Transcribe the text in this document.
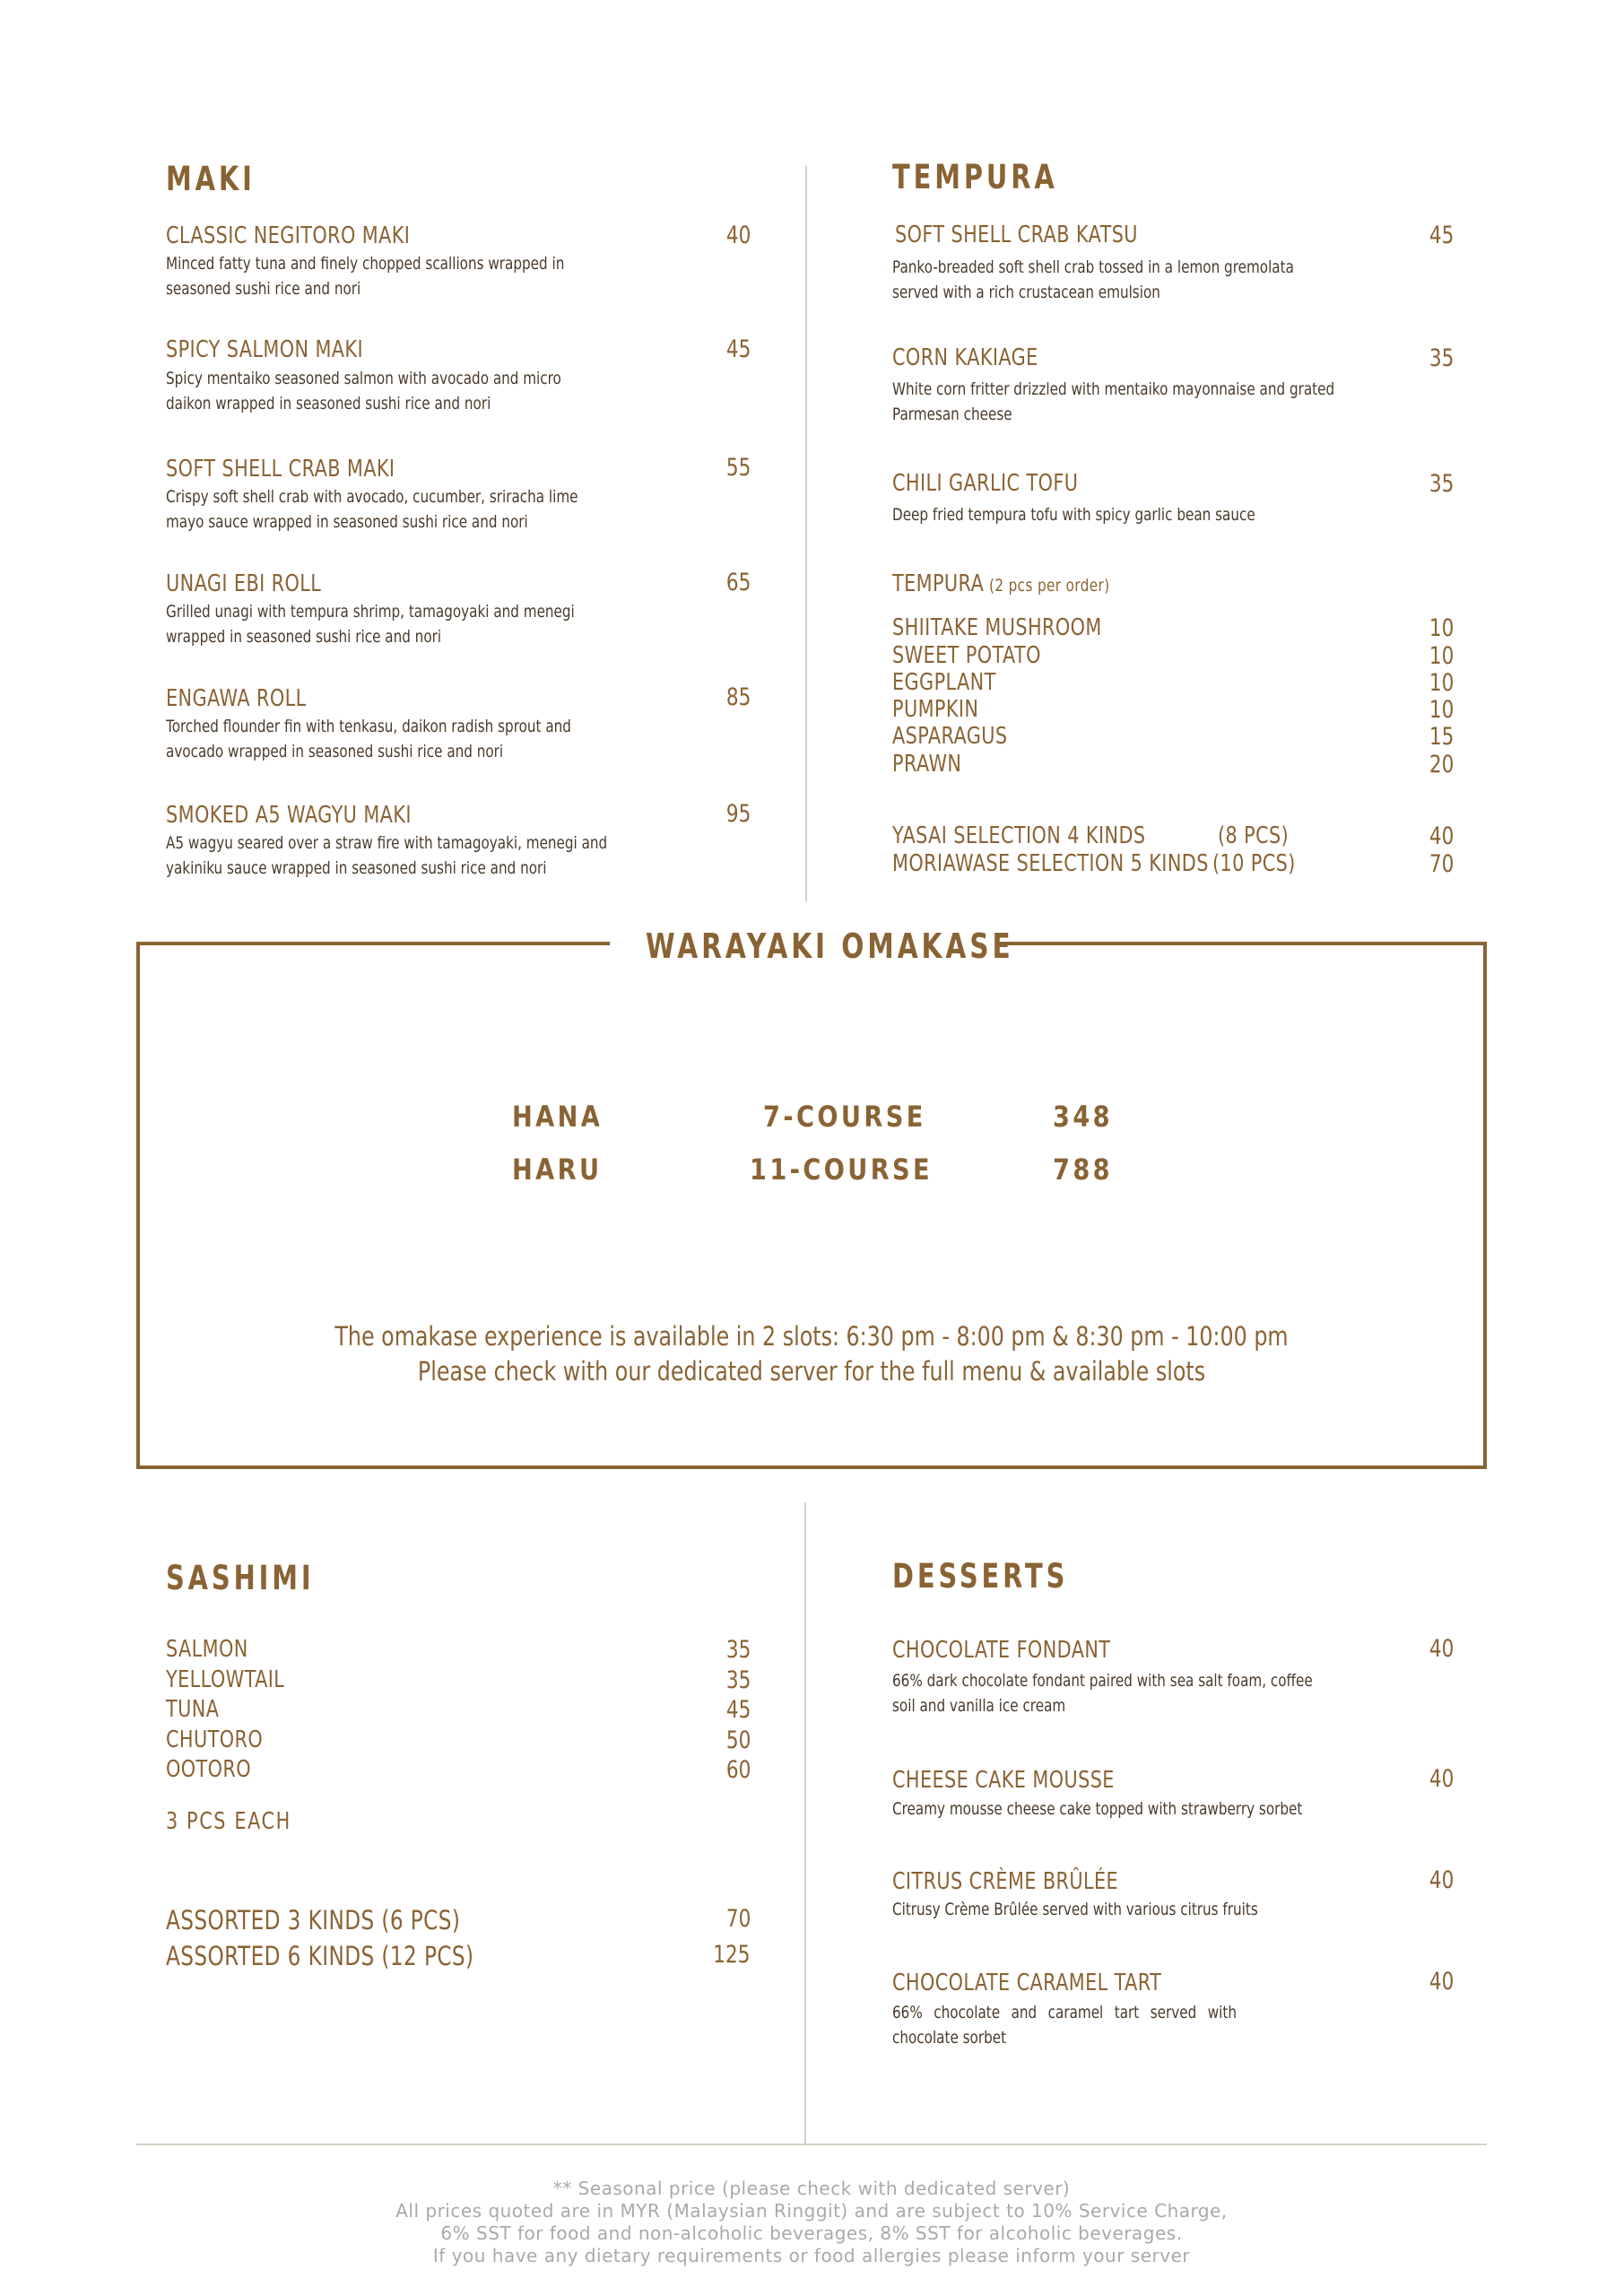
MAKI
CLASSIC NEGITORO MAKI	40
Minced fatty tuna and finely chopped scallions wrapped in seasoned sushi rice and nori
SPICY SALMON MAKI	45
Spicy mentaiko seasoned salmon with avocado and micro daikon wrapped in seasoned sushi rice and nori
SOFT SHELL CRAB MAKI	55
Crispy soft shell crab with avocado, cucumber, sriracha lime mayo sauce wrapped in seasoned sushi rice and nori
UNAGI EBI ROLL	65
Grilled unagi with tempura shrimp, tamagoyaki and menegi wrapped in seasoned sushi rice and nori
ENGAWA ROLL	85
Torched flounder fin with tenkasu, daikon radish sprout and avocado wrapped in seasoned sushi rice and nori
SMOKED A5 WAGYU MAKI	95
A5 wagyu seared over a straw fire with tamagoyaki, menegi and yakiniku sauce wrapped in seasoned sushi rice and nori
TEMPURA
SOFT SHELL CRAB KATSU	45
Panko-breaded soft shell crab tossed in a lemon gremolata served with a rich crustacean emulsion
CORN KAKIAGE	35
White corn fritter drizzled with mentaiko mayonnaise and grated Parmesan cheese
CHILI GARLIC TOFU	35
Deep fried tempura tofu with spicy garlic bean sauce
TEMPURA (2 pcs per order)
SHIITAKE MUSHROOM	10
SWEET POTATO	10
EGGPLANT	10
PUMPKIN	10
ASPARAGUS	15
PRAWN	20
YASAI SELECTION 4 KINDS	(8 PCS)	40
MORIAWASE SELECTION 5 KINDS (10 PCS)	70
WARAYAKI OMAKASE
HANA	7-COURSE	348
HARU	11-COURSE	788
The omakase experience is available in 2 slots: 6:30 pm - 8:00 pm & 8:30 pm - 10:00 pm
Please check with our dedicated server for the full menu & available slots
SASHIMI
SALMON	35
YELLOWTAIL	35
TUNA	45
CHUTORO	50
OOTORO	60
3 PCS EACH
ASSORTED 3 KINDS (6 PCS)	70
ASSORTED 6 KINDS (12 PCS)	125
DESSERTS
CHOCOLATE FONDANT	40
66% dark chocolate fondant paired with sea salt foam, coffee soil and vanilla ice cream
CHEESE CAKE MOUSSE	40
Creamy mousse cheese cake topped with strawberry sorbet
CITRUS CRÈME BRÛLÉE	40
Citrusy Crème Brûlée served with various citrus fruits
CHOCOLATE CARAMEL TART	40
66% chocolate and caramel tart served with chocolate sorbet
** Seasonal price (please check with dedicated server)
All prices quoted are in MYR (Malaysian Ringgit) and are subject to 10% Service Charge,
6% SST for food and non-alcoholic beverages, 8% SST for alcoholic beverages.
If you have any dietary requirements or food allergies please inform your server
